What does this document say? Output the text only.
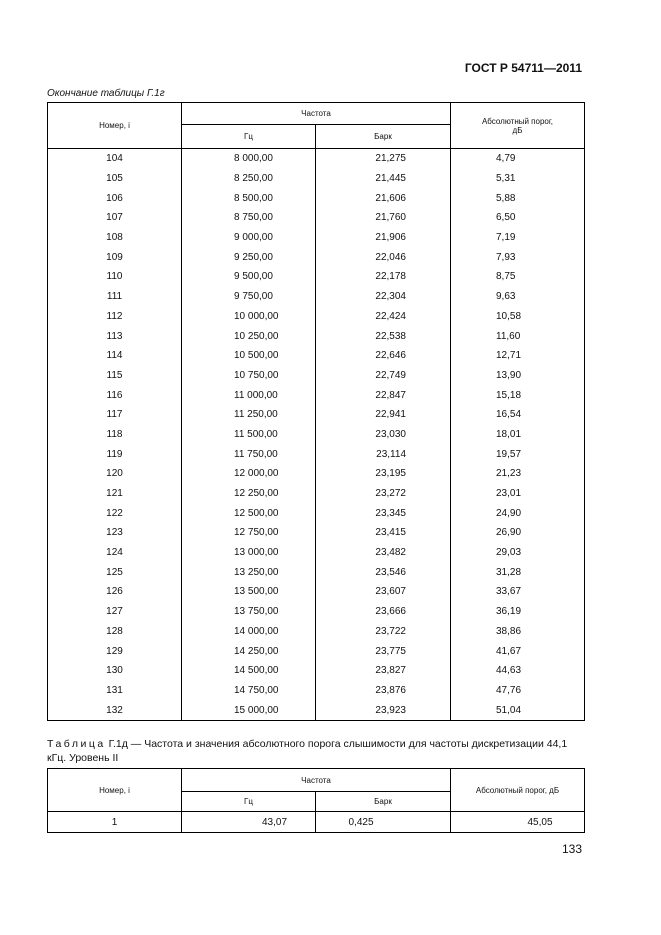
ГОСТ Р 54711—2011
Окончание таблицы Г.1г
Номер, i	Частота		Абсолютный порог, дБ
	Гц	Барк	
104	8 000,00	21,275	4,79
105	8 250,00	21,445	5,31
106	8 500,00	21,606	5,88
107	8 750,00	21,760	6,50
108	9 000,00	21,906	7,19
109	9 250,00	22,046	7,93
110	9 500,00	22,178	8,75
111	9 750,00	22,304	9,63
112	10 000,00	22,424	10,58
113	10 250,00	22,538	11,60
114	10 500,00	22,646	12,71
115	10 750,00	22,749	13,90
116	11 000,00	22,847	15,18
117	11 250,00	22,941	16,54
118	11 500,00	23,030	18,01
119	11 750,00	23,114	19,57
120	12 000,00	23,195	21,23
121	12 250,00	23,272	23,01
122	12 500,00	23,345	24,90
123	12 750,00	23,415	26,90
124	13 000,00	23,482	29,03
125	13 250,00	23,546	31,28
126	13 500,00	23,607	33,67
127	13 750,00	23,666	36,19
128	14 000,00	23,722	38,86
129	14 250,00	23,775	41,67
130	14 500,00	23,827	44,63
131	14 750,00	23,876	47,76
132	15 000,00	23,923	51,04
Таблица Г.1д — Частота и значения абсолютного порога слышимости для частоты дискретизации 44,1 кГц. Уровень II
Номер, i	Частота		Абсолютный порог, дБ
	Гц	Барк	
1	43,07	0,425	45,05
133
